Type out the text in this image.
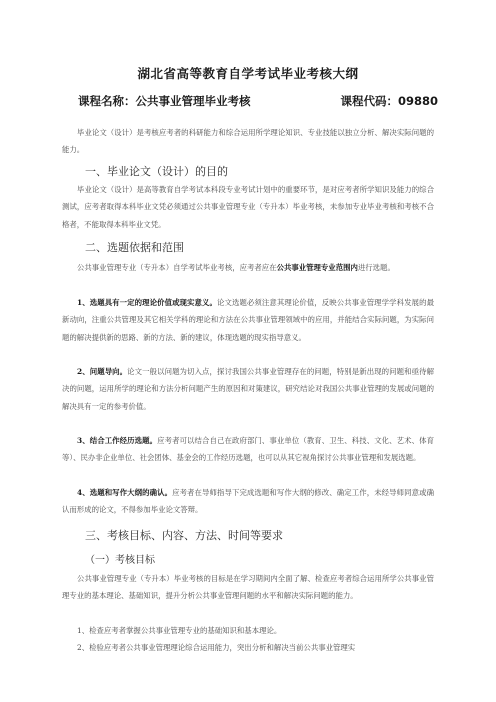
湖北省高等教育自学考试毕业考核大纲
课程名称：公共事业管理毕业考核	课程代码：09880
毕业论文（设计）是考核应考者的科研能力和综合运用所学理论知识、专业技能以独立分析、解决实际问题的能力。
一、毕业论文（设计）的目的
毕业论文（设计）是高等教育自学考试本科段专业考试计划中的重要环节，是对应考者所学知识及能力的综合测试，应考者取得本科毕业文凭必须通过公共事业管理专业（专升本）毕业考核，未参加专业毕业考核和考核不合格者，不能取得本科毕业文凭。
二、选题依据和范围
公共事业管理专业（专升本）自学考试毕业考核，应考者应在公共事业管理专业范围内进行选题。
1、选题具有一定的理论价值或现实意义。论文选题必须注意其理论价值，反映公共事业管理学学科发展的最新动向，注重公共管理及其它相关学科的理论和方法在公共事业管理领域中的应用，并能结合实际问题，为实际问题的解决提供新的思路、新的方法、新的建议，体现选题的现实指导意义。
2、问题导向。论文一般以问题为切入点，探讨我国公共事业管理存在的问题，特别是新出现的问题和亟待解决的问题，运用所学的理论和方法分析问题产生的原因和对策建议，研究结论对我国公共事业管理的发展或问题的解决具有一定的参考价值。
3、结合工作经历选题。应考者可以结合自己在政府部门、事业单位（教育、卫生、科技、文化、艺术、体育等）、民办非企业单位、社会团体、基金会的工作经历选题，也可以从其它视角探讨公共事业管理和发展选题。
4、选题和写作大纲的确认。应考者在导师指导下完成选题和写作大纲的修改、确定工作，未经导师同意或确认而形成的论文，不得参加毕业论文答辩。
三、考核目标、内容、方法、时间等要求
（一）考核目标
公共事业管理专业（专升本）毕业考核的目标是在学习期间内全面了解、检查应考者综合运用所学公共事业管理专业的基本理论、基础知识，提升分析公共事业管理问题的水平和解决实际问题的能力。
1、检查应考者掌握公共事业管理专业的基础知识和基本理论。
2、检验应考者公共事业管理理论综合运用能力，突出分析和解决当前公共事业管理实
